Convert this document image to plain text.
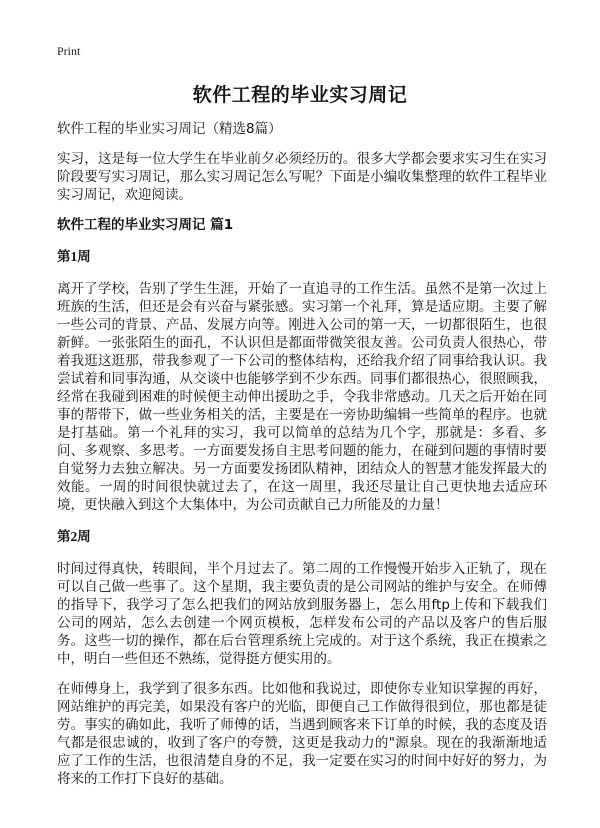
Print
软件工程的毕业实习周记

软件工程的毕业实习周记（精选8篇）

实习，这是每一位大学生在毕业前夕必须经历的。很多大学都会要求实习生在实习阶段要写实习周记，那么实习周记怎么写呢？下面是小编收集整理的软件工程毕业实习周记，欢迎阅读。

软件工程的毕业实习周记 篇1
第1周

离开了学校，告别了学生生涯，开始了一直追寻的工作生活。虽然不是第一次过上班族的生活，但还是会有兴奋与紧张感。实习第一个礼拜，算是适应期。主要了解一些公司的背景、产品、发展方向等。刚进入公司的第一天，一切都很陌生，也很新鲜。一张张陌生的面孔，不认识但是都面带微笑很友善。公司负责人很热心，带着我逛这逛那，带我参观了一下公司的整体结构，还给我介绍了同事给我认识。我尝试着和同事沟通，从交谈中也能够学到不少东西。同事们都很热心，很照顾我，经常在我碰到困难的时候便主动伸出援助之手，令我非常感动。几天之后开始在同事的帮带下，做一些业务相关的活，主要是在一旁协助编辑一些简单的程序。也就是打基础。第一个礼拜的实习，我可以简单的总结为几个字，那就是：多看、多问、多观察、多思考。一方面要发扬自主思考问题的能力，在碰到问题的事情时要自觉努力去独立解决。另一方面要发扬团队精神，团结众人的智慧才能发挥最大的效能。一周的时间很快就过去了，在这一周里，我还尽量让自己更快地去适应环境，更快融入到这个大集体中，为公司贡献自己力所能及的力量！

第2周

时间过得真快，转眼间，半个月过去了。第二周的工作慢慢开始步入正轨了，现在可以自己做一些事了。这个星期，我主要负责的是公司网站的维护与安全。在师傅的指导下，我学习了怎么把我们的网站放到服务器上，怎么用ftp上传和下载我们公司的网站，怎么去创建一个网页模板，怎样发布公司的产品以及客户的售后服务。这些一切的操作，都在后台管理系统上完成的。对于这个系统，我正在摸索之中，明白一些但还不熟练，觉得挺方便实用的。

在师傅身上，我学到了很多东西。比如他和我说过，即使你专业知识掌握的再好，网站维护的再完美，如果没有客户的光临，即便自己工作做得很到位，那也都是徒劳。事实的确如此，我听了师傅的话，当遇到顾客来下订单的时候，我的态度及语气都是很忠诚的，收到了客户的夸赞，这更是我动力的"源泉。现在的我渐渐地适应了工作的生活，也很清楚自身的不足，我一定要在实习的时间中好好的努力，为将来的工作打下良好的基础。
